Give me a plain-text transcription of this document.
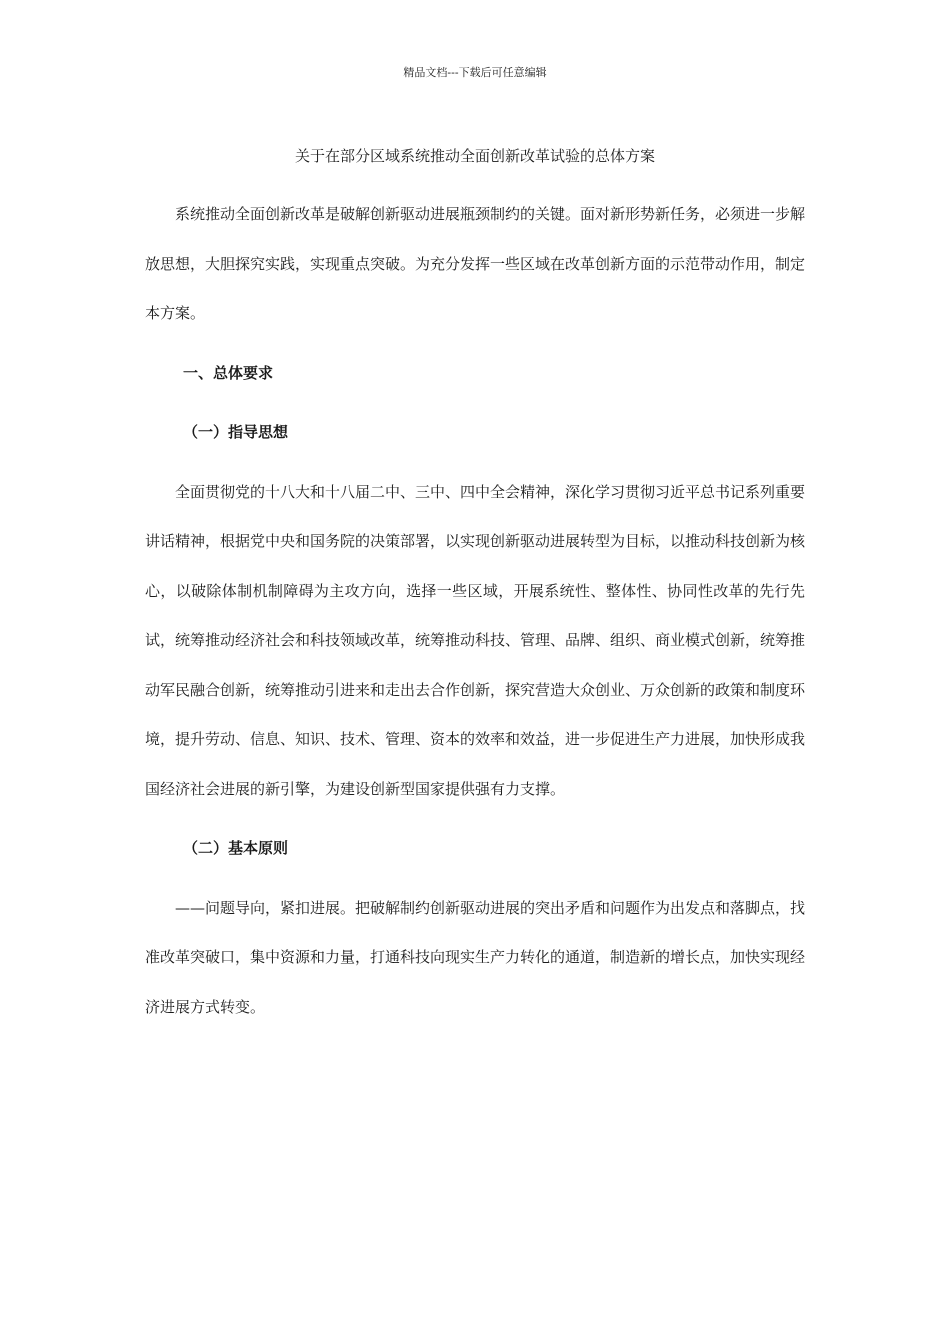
精品文档---下载后可任意编辑
关于在部分区域系统推动全面创新改革试验的总体方案

系统推动全面创新改革是破解创新驱动进展瓶颈制约的关键。面对新形势新任务，必须进一步解放思想，大胆探究实践，实现重点突破。为充分发挥一些区域在改革创新方面的示范带动作用，制定本方案。

一、总体要求

（一）指导思想

全面贯彻党的十八大和十八届二中、三中、四中全会精神，深化学习贯彻习近平总书记系列重要讲话精神，根据党中央和国务院的决策部署，以实现创新驱动进展转型为目标，以推动科技创新为核心，以破除体制机制障碍为主攻方向，选择一些区域，开展系统性、整体性、协同性改革的先行先试，统筹推动经济社会和科技领域改革，统筹推动科技、管理、品牌、组织、商业模式创新，统筹推动军民融合创新，统筹推动引进来和走出去合作创新，探究营造大众创业、万众创新的政策和制度环境，提升劳动、信息、知识、技术、管理、资本的效率和效益，进一步促进生产力进展，加快形成我国经济社会进展的新引擎，为建设创新型国家提供强有力支撑。

（二）基本原则

——问题导向，紧扣进展。把破解制约创新驱动进展的突出矛盾和问题作为出发点和落脚点，找准改革突破口，集中资源和力量，打通科技向现实生产力转化的通道，制造新的增长点，加快实现经济进展方式转变。
